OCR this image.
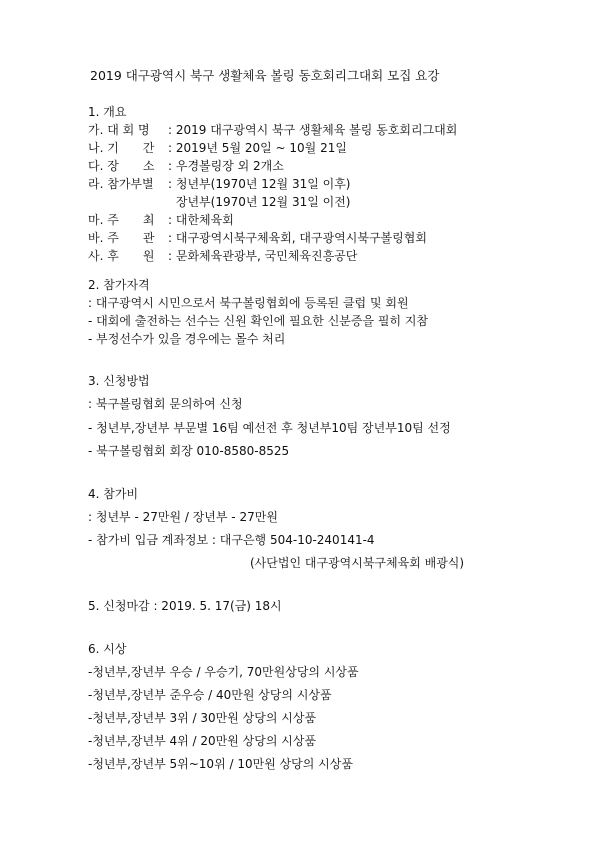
2019 대구광역시 북구 생활체육 볼링 동호회리그대회 모집 요강
1. 개요
가. 대 회 명 : 2019 대구광역시 북구 생활체육 볼링 동호회리그대회
나. 기　　간 : 2019년 5월 20일 ~ 10월 21일
다. 장　　소 : 우경볼링장 외 2개소
라. 참가부별 : 청년부(1970년 12월 31일 이후)
장년부(1970년 12월 31일 이전)
마. 주　　최 : 대한체육회
바. 주　　관 : 대구광역시북구체육회, 대구광역시북구볼링협회
사. 후　　원 : 문화체육관광부, 국민체육진흥공단
2. 참가자격
: 대구광역시 시민으로서 북구볼링협회에 등록된 클럽 및 회원
- 대회에 출전하는 선수는 신원 확인에 필요한 신분증을 필히 지참
- 부정선수가 있을 경우에는 몰수 처리
3. 신청방법
: 북구볼링협회 문의하여 신청
- 청년부,장년부 부문별 16팀 예선전 후 청년부10팀 장년부10팀 선정
- 북구볼링협회 회장 010-8580-8525
4. 참가비
: 청년부 - 27만원 / 장년부 - 27만원
- 참가비 입금 계좌정보 : 대구은행 504-10-240141-4
(사단법인 대구광역시북구체육회 배광식)
5. 신청마감 : 2019. 5. 17(금) 18시
6. 시상
-청년부,장년부 우승 / 우승기, 70만원상당의 시상품
-청년부,장년부 준우승 / 40만원 상당의 시상품
-청년부,장년부 3위 / 30만원 상당의 시상품
-청년부,장년부 4위 / 20만원 상당의 시상품
-청년부,장년부 5위~10위 / 10만원 상당의 시상품
